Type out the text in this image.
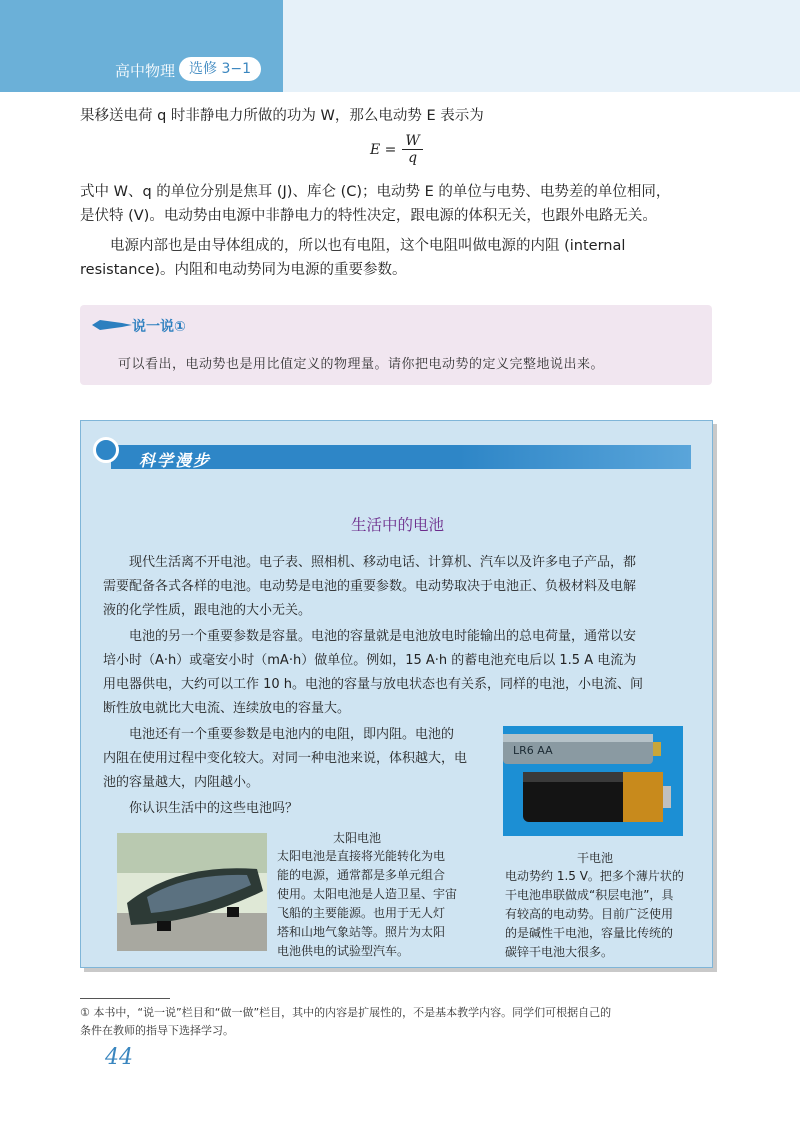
高中物理 选修 3−1
果移送电荷 q 时非静电力所做的功为 W，那么电动势 E 表示为
$E = \frac{W}{q}$
式中 W、q 的单位分别是焦耳 (J)、库仑 (C)；电动势 E 的单位与电势、电势差的单位相同，
是伏特 (V)。电动势由电源中非静电力的特性决定，跟电源的体积无关，也跟外电路无关。
电源内部也是由导体组成的，所以也有电阻，这个电阻叫做电源的内阻 (internal
resistance)。内阻和电动势同为电源的重要参数。
说一说①
可以看出，电动势也是用比值定义的物理量。请你把电动势的定义完整地说出来。
科学漫步
生活中的电池
现代生活离不开电池。电子表、照相机、移动电话、计算机、汽车以及许多电子产品，都
需要配备各式各样的电池。电动势是电池的重要参数。电动势取决于电池正、负极材料及电解
液的化学性质，跟电池的大小无关。
电池的另一个重要参数是容量。电池的容量就是电池放电时能输出的总电荷量，通常以安
培小时（A·h）或毫安小时（mA·h）做单位。例如，15 A·h 的蓄电池充电后以 1.5 A 电流为
用电器供电，大约可以工作 10 h。电池的容量与放电状态也有关系，同样的电池，小电流、间
断性放电就比大电流、连续放电的容量大。
电池还有一个重要参数是电池内的电阻，即内阻。电池的
内阻在使用过程中变化较大。对同一种电池来说，体积越大，电
池的容量越大，内阻越小。
你认识生活中的这些电池吗？
LR6 AA
太阳电池
太阳电池是直接将光能转化为电
能的电源，通常都是多单元组合
使用。太阳电池是人造卫星、宇宙
飞船的主要能源。也用于无人灯
塔和山地气象站等。照片为太阳
电池供电的试验型汽车。
干电池
电动势约 1.5 V。把多个薄片状的
干电池串联做成“积层电池”，具
有较高的电动势。目前广泛使用
的是碱性干电池，容量比传统的
碳锌干电池大很多。
① 本书中，“说一说”栏目和“做一做”栏目，其中的内容是扩展性的，不是基本教学内容。同学们可根据自己的
条件在教师的指导下选择学习。
44
